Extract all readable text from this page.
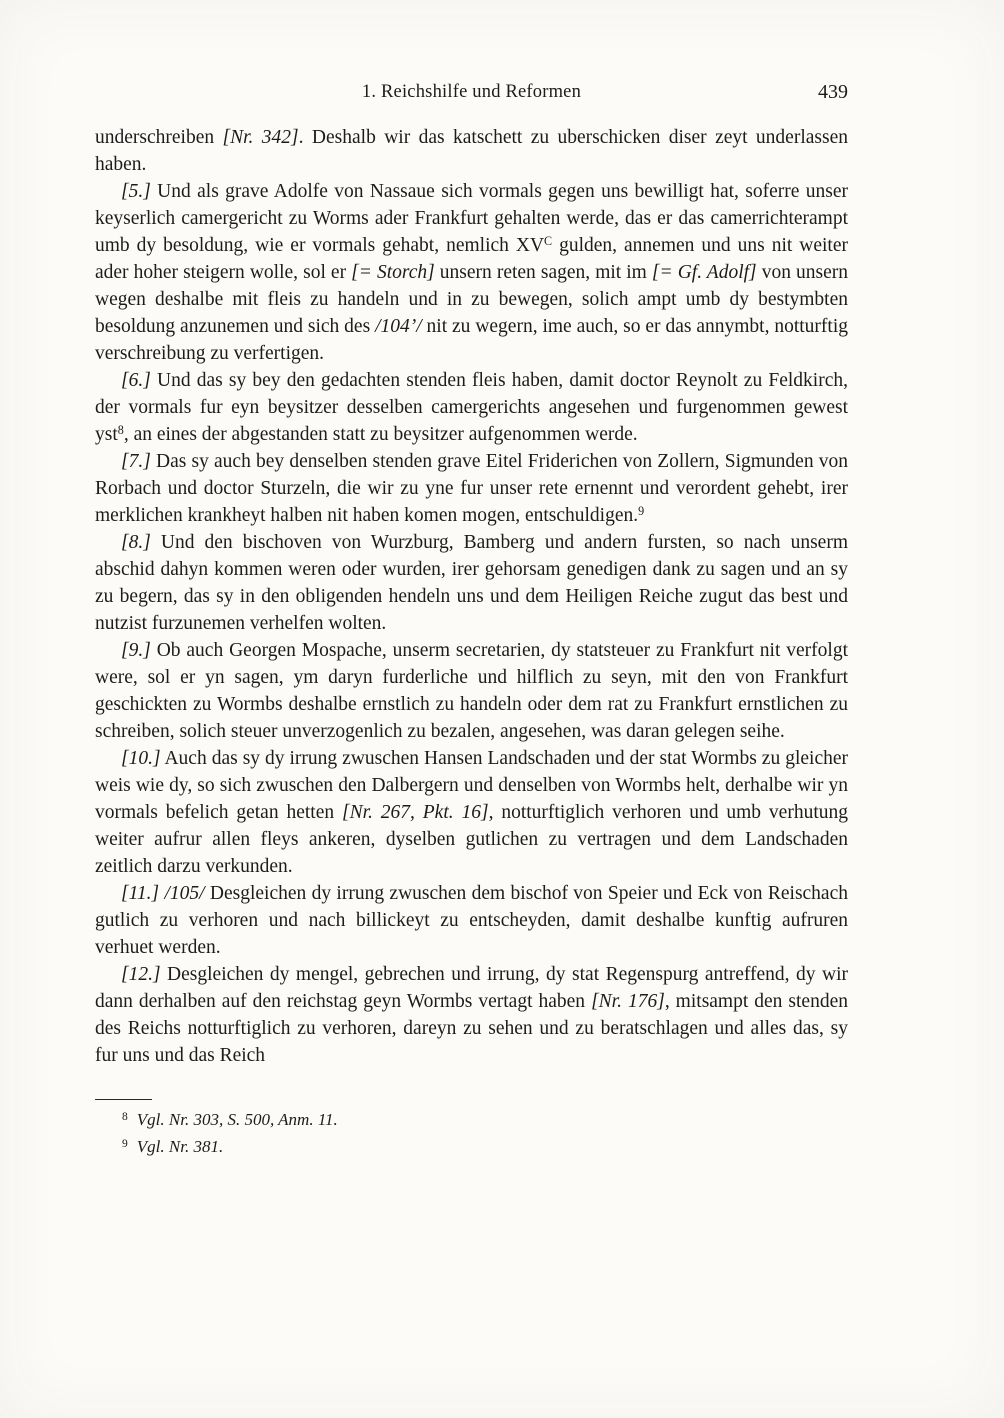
1. Reichshilfe und Reformen	439

underschreiben [Nr. 342]. Deshalb wir das katschett zu uberschicken diser zeyt underlassen haben.

[5.] Und als grave Adolfe von Nassaue sich vormals gegen uns bewilligt hat, soferre unser keyserlich camergericht zu Worms ader Frankfurt gehalten werde, das er das camerrichterampt umb dy besoldung, wie er vormals gehabt, nemlich $XV^C$ gulden, annemen und uns nit weiter ader hoher steigern wolle, sol er [= Storch] unsern reten sagen, mit im [= Gf. Adolf] von unsern wegen deshalbe mit fleis zu handeln und in zu bewegen, solich ampt umb dy bestymbten besoldung anzunemen und sich des /104’/ nit zu wegern, ime auch, so er das annymbt, notturftig verschreibung zu verfertigen.

[6.] Und das sy bey den gedachten stenden fleis haben, damit doctor Reynolt zu Feldkirch, der vormals fur eyn beysitzer desselben camergerichts angesehen und furgenommen gewest yst$^8$, an eines der abgestanden statt zu beysitzer aufgenommen werde.

[7.] Das sy auch bey denselben stenden grave Eitel Friderichen von Zollern, Sigmunden von Rorbach und doctor Sturzeln, die wir zu yne fur unser rete ernennt und verordent gehebt, irer merklichen krankheyt halben nit haben komen mogen, entschuldigen.$^9$

[8.] Und den bischoven von Wurzburg, Bamberg und andern fursten, so nach unserm abschid dahyn kommen weren oder wurden, irer gehorsam genedigen dank zu sagen und an sy zu begern, das sy in den obligenden hendeln uns und dem Heiligen Reiche zugut das best und nutzist furzunemen verhelfen wolten.

[9.] Ob auch Georgen Mospache, unserm secretarien, dy statsteuer zu Frankfurt nit verfolgt were, sol er yn sagen, ym daryn furderliche und hilflich zu seyn, mit den von Frankfurt geschickten zu Wormbs deshalbe ernstlich zu handeln oder dem rat zu Frankfurt ernstlichen zu schreiben, solich steuer unverzogenlich zu bezalen, angesehen, was daran gelegen seihe.

[10.] Auch das sy dy irrung zwuschen Hansen Landschaden und der stat Wormbs zu gleicher weis wie dy, so sich zwuschen den Dalbergern und denselben von Wormbs helt, derhalbe wir yn vormals befelich getan hetten [Nr. 267, Pkt. 16], notturftiglich verhoren und umb verhutung weiter aufrur allen fleys ankeren, dyselben gutlichen zu vertragen und dem Landschaden zeitlich darzu verkunden.

[11.] /105/ Desgleichen dy irrung zwuschen dem bischof von Speier und Eck von Reischach gutlich zu verhoren und nach billickeyt zu entscheyden, damit deshalbe kunftig aufruren verhuet werden.

[12.] Desgleichen dy mengel, gebrechen und irrung, dy stat Regenspurg antreffend, dy wir dann derhalben auf den reichstag geyn Wormbs vertagt haben [Nr. 176], mitsampt den stenden des Reichs notturftiglich zu verhoren, dareyn zu sehen und zu beratschlagen und alles das, sy fur uns und das Reich

$^8$ Vgl. Nr. 303, S. 500, Anm. 11.
$^9$ Vgl. Nr. 381.
